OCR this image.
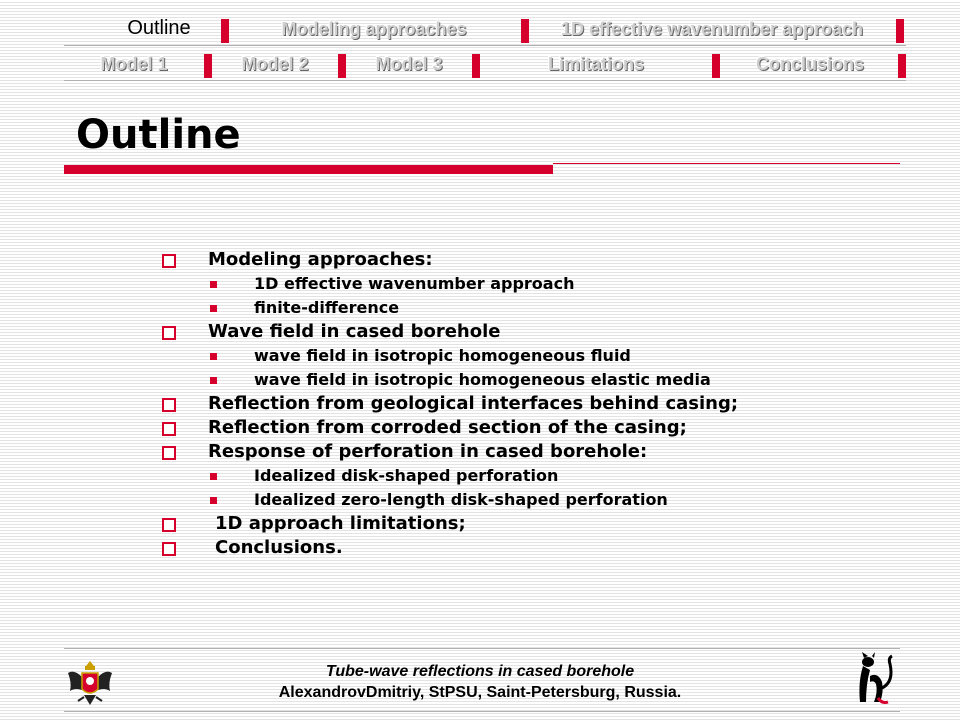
Outline	Modeling approaches	1D effective wavenumber approach
Model 1	Model 2	Model 3	Limitations	Conclusions
Outline
Modeling approaches:
1D effective wavenumber approach
finite-difference
Wave field in cased borehole
wave field in isotropic homogeneous fluid
wave field in isotropic homogeneous elastic media
Reflection from geological interfaces behind casing;
Reflection from corroded section of the casing;
Response of perforation in cased borehole:
Idealized disk-shaped perforation
Idealized zero-length disk-shaped perforation
1D approach limitations;
Conclusions.
Tube-wave reflections in cased borehole
AlexandrovDmitriy, StPSU, Saint-Petersburg, Russia.
